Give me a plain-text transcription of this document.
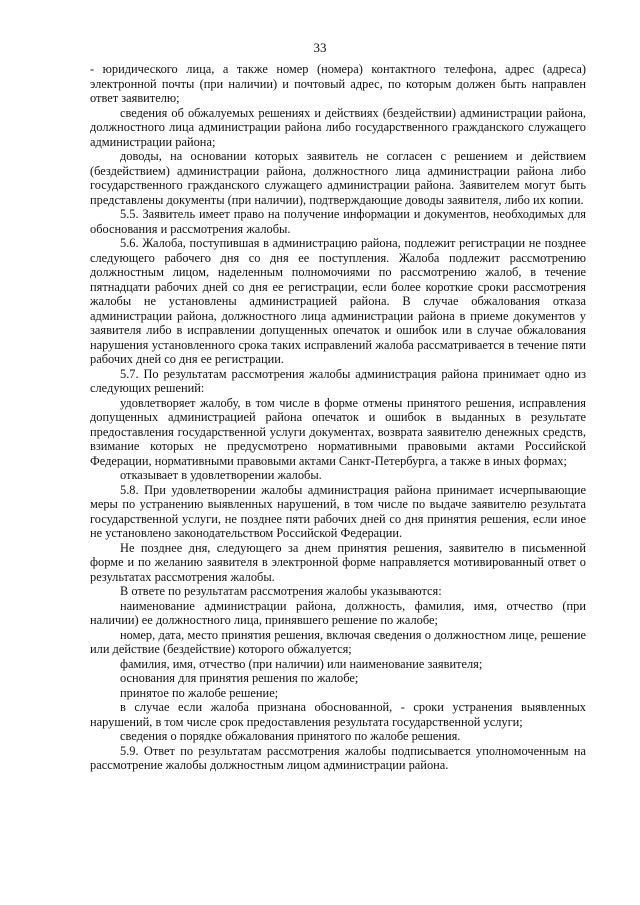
33

- юридического лица, а также номер (номера) контактного телефона, адрес (адреса) электронной почты (при наличии) и почтовый адрес, по которым должен быть направлен ответ заявителю;

сведения об обжалуемых решениях и действиях (бездействии) администрации района, должностного лица администрации района либо государственного гражданского служащего администрации района;

доводы, на основании которых заявитель не согласен с решением и действием (бездействием) администрации района, должностного лица администрации района либо государственного гражданского служащего администрации района. Заявителем могут быть представлены документы (при наличии), подтверждающие доводы заявителя, либо их копии.

5.5. Заявитель имеет право на получение информации и документов, необходимых для обоснования и рассмотрения жалобы.

5.6. Жалоба, поступившая в администрацию района, подлежит регистрации не позднее следующего рабочего дня со дня ее поступления. Жалоба подлежит рассмотрению должностным лицом, наделенным полномочиями по рассмотрению жалоб, в течение пятнадцати рабочих дней со дня ее регистрации, если более короткие сроки рассмотрения жалобы не установлены администрацией района. В случае обжалования отказа администрации района, должностного лица администрации района в приеме документов у заявителя либо в исправлении допущенных опечаток и ошибок или в случае обжалования нарушения установленного срока таких исправлений жалоба рассматривается в течение пяти рабочих дней со дня ее регистрации.

5.7. По результатам рассмотрения жалобы администрация района принимает одно из следующих решений:

удовлетворяет жалобу, в том числе в форме отмены принятого решения, исправления допущенных администрацией района опечаток и ошибок в выданных в результате предоставления государственной услуги документах, возврата заявителю денежных средств, взимание которых не предусмотрено нормативными правовыми актами Российской Федерации, нормативными правовыми актами Санкт-Петербурга, а также в иных формах;

отказывает в удовлетворении жалобы.

5.8. При удовлетворении жалобы администрация района принимает исчерпывающие меры по устранению выявленных нарушений, в том числе по выдаче заявителю результата государственной услуги, не позднее пяти рабочих дней со дня принятия решения, если иное не установлено законодательством Российской Федерации.

Не позднее дня, следующего за днем принятия решения, заявителю в письменной форме и по желанию заявителя в электронной форме направляется мотивированный ответ о результатах рассмотрения жалобы.

В ответе по результатам рассмотрения жалобы указываются:

наименование администрации района, должность, фамилия, имя, отчество (при наличии) ее должностного лица, принявшего решение по жалобе;

номер, дата, место принятия решения, включая сведения о должностном лице, решение или действие (бездействие) которого обжалуется;

фамилия, имя, отчество (при наличии) или наименование заявителя;

основания для принятия решения по жалобе;

принятое по жалобе решение;

в случае если жалоба признана обоснованной, - сроки устранения выявленных нарушений, в том числе срок предоставления результата государственной услуги;

сведения о порядке обжалования принятого по жалобе решения.

5.9. Ответ по результатам рассмотрения жалобы подписывается уполномоченным на рассмотрение жалобы должностным лицом администрации района.
